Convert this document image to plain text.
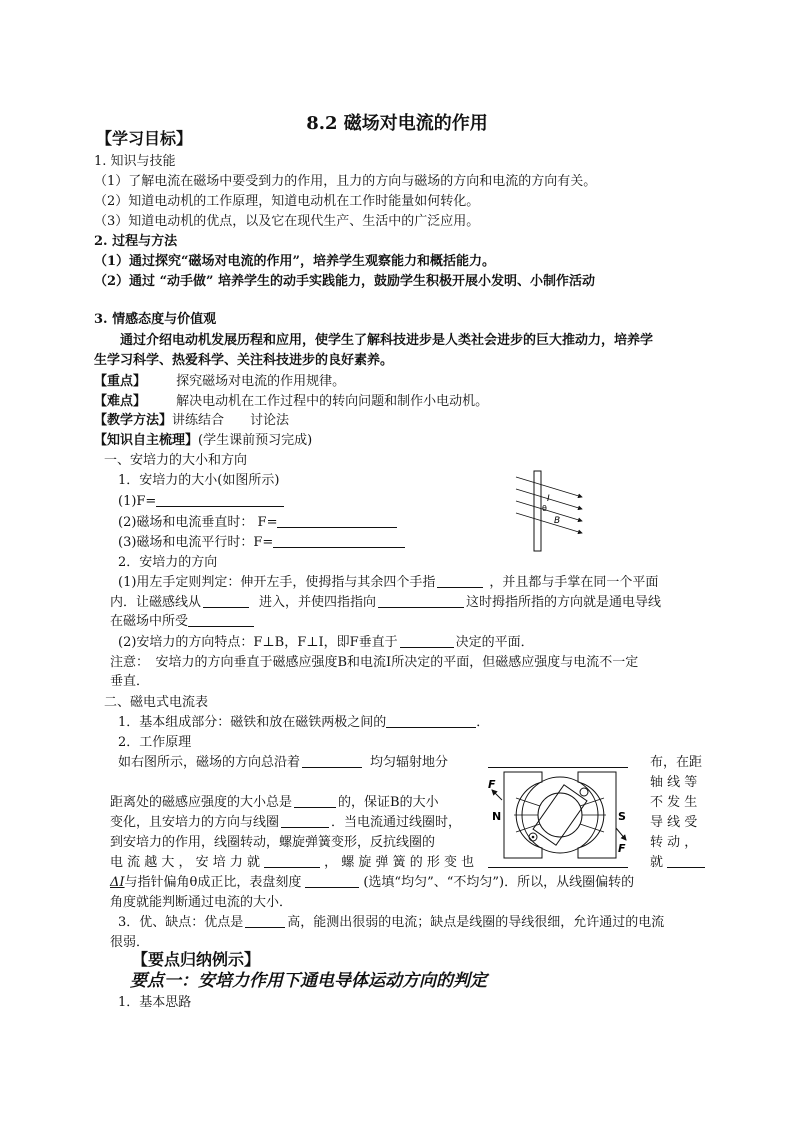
8.2 磁场对电流的作用
【学习目标】
1. 知识与技能
（1）了解电流在磁场中要受到力的作用，且力的方向与磁场的方向和电流的方向有关。
（2）知道电动机的工作原理，知道电动机在工作时能量如何转化。
（3）知道电动机的优点，以及它在现代生产、生活中的广泛应用。
2. 过程与方法
（1）通过探究“磁场对电流的作用”，培养学生观察能力和概括能力。
（2）通过 “动手做” 培养学生的动手实践能力，鼓励学生积极开展小发明、小制作活动
3. 情感态度与价值观
通过介绍电动机发展历程和应用，使学生了解科技进步是人类社会进步的巨大推动力，培养学
生学习科学、热爱科学、关注科技进步的良好素养。
【重点】 探究磁场对电流的作用规律。
【难点】 解决电动机在工作过程中的转向问题和制作小电动机。
【教学方法】讲练结合　　讨论法
【知识自主梳理】(学生课前预习完成)
一、安培力的大小和方向
1．安培力的大小(如图所示)
(1)F=
(2)磁场和电流垂直时： F=
(3)磁场和电流平行时：F=
I
θ
B
2．安培力的方向
(1)用左手定则判定：伸开左手，使拇指与其余四个手指	，并且都与手掌在同一个平面
内．让磁感线从	进入，并使四指指向	这时拇指所指的方向就是通电导线
在磁场中所受
(2)安培力的方向特点：F⊥B，F⊥I，即F垂直于	决定的平面．
注意：　安培力的方向垂直于磁感应强度B和电流I所决定的平面，但磁感应强度与电流不一定
垂直．
二、磁电式电流表
1．基本组成部分：磁铁和放在磁铁两极之间的	．
2．工作原理
如右图所示，磁场的方向总沿着	均匀辐射地分	布，在距
轴 线 等
距离处的磁感应强度的大小总是	的，保证B的大小	不 发 生
变化，且安培力的方向与线圈	．当电流通过线圈时，	导 线 受
到安培力的作用，线圈转动，螺旋弹簧变形，反抗线圈的	转 动 ，
电 流 越 大 ， 安 培 力 就	， 螺 旋 弹 簧 的 形 变 也	就
ΔI与指针偏角θ成正比，表盘刻度	(选填“均匀”、“不均匀”)．所以，从线圈偏转的
角度就能判断通过电流的大小．
3．优、缺点：优点是	高，能测出很弱的电流；缺点是线圈的导线很细，允许通过的电流
很弱．
F
N	S
F
【要点归纳例示】
要点一：安培力作用下通电导体运动方向的判定
1．基本思路
